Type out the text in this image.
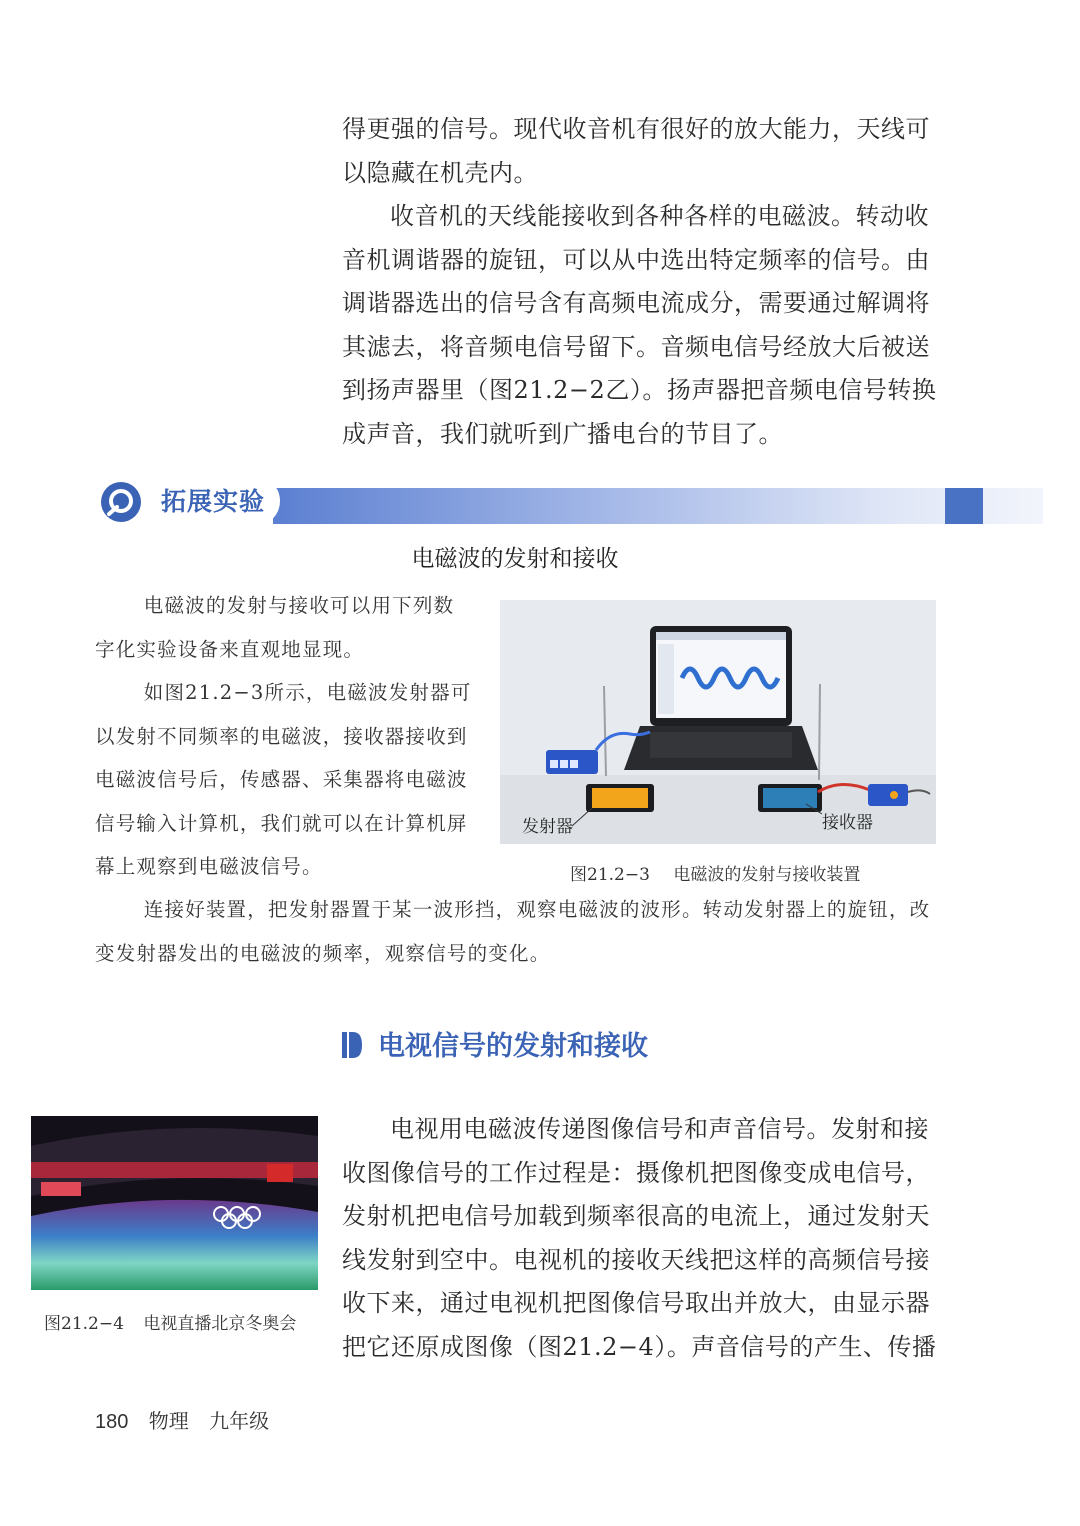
得更强的信号。现代收音机有很好的放大能力，天线可以隐藏在机壳内。

收音机的天线能接收到各种各样的电磁波。转动收音机调谐器的旋钮，可以从中选出特定频率的信号。由调谐器选出的信号含有高频电流成分，需要通过解调将其滤去，将音频电信号留下。音频电信号经放大后被送到扬声器里（图21.2−2乙）。扬声器把音频电信号转换成声音，我们就听到广播电台的节目了。

拓展实验
电磁波的发射和接收

电磁波的发射与接收可以用下列数字化实验设备来直观地显现。

如图21.2−3所示，电磁波发射器可以发射不同频率的电磁波，接收器接收到电磁波信号后，传感器、采集器将电磁波信号输入计算机，我们就可以在计算机屏幕上观察到电磁波信号。

发射器	接收器
图21.2−3 电磁波的发射与接收装置

连接好装置，把发射器置于某一波形挡，观察电磁波的波形。转动发射器上的旋钮，改变发射器发出的电磁波的频率，观察信号的变化。

电视信号的发射和接收
图21.2−4 电视直播北京冬奥会

电视用电磁波传递图像信号和声音信号。发射和接收图像信号的工作过程是：摄像机把图像变成电信号，发射机把电信号加载到频率很高的电流上，通过发射天线发射到空中。电视机的接收天线把这样的高频信号接收下来，通过电视机把图像信号取出并放大，由显示器把它还原成图像（图21.2−4）。声音信号的产生、传播

180 物理 九年级
